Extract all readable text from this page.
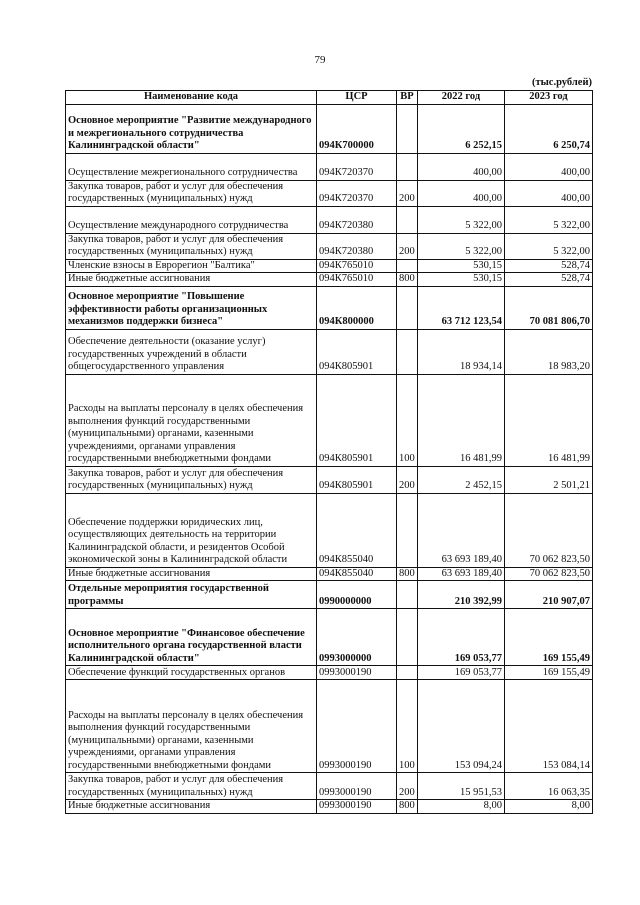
79
(тыс.рублей)
Наименование кода	ЦСР	ВР	2022 год	2023 год
Основное мероприятие "Развитие международного и межрегионального сотрудничества Калининградской области"	094К700000		6 252,15	6 250,74
Осуществление межрегионального сотрудничества	094К720370		400,00	400,00
Закупка товаров, работ и услуг для обеспечения государственных (муниципальных) нужд	094К720370	200	400,00	400,00
Осуществление международного сотрудничества	094К720380		5 322,00	5 322,00
Закупка товаров, работ и услуг для обеспечения государственных (муниципальных) нужд	094К720380	200	5 322,00	5 322,00
Членские взносы в Еврорегион "Балтика"	094К765010		530,15	528,74
Иные бюджетные ассигнования	094К765010	800	530,15	528,74
Основное мероприятие "Повышение эффективности работы организационных механизмов поддержки бизнеса"	094К800000		63 712 123,54	70 081 806,70
Обеспечение деятельности (оказание услуг) государственных учреждений в области общегосударственного управления	094К805901		18 934,14	18 983,20
Расходы на выплаты персоналу в целях обеспечения выполнения функций государственными (муниципальными) органами, казенными учреждениями, органами управления государственными внебюджетными фондами	094К805901	100	16 481,99	16 481,99
Закупка товаров, работ и услуг для обеспечения государственных (муниципальных) нужд	094К805901	200	2 452,15	2 501,21
Обеспечение поддержки юридических лиц, осуществляющих деятельность на территории Калининградской области, и резидентов Особой экономической зоны в Калининградской области	094К855040		63 693 189,40	70 062 823,50
Иные бюджетные ассигнования	094К855040	800	63 693 189,40	70 062 823,50
Отдельные мероприятия государственной программы	0990000000		210 392,99	210 907,07
Основное мероприятие "Финансовое обеспечение исполнительного органа государственной власти Калининградской области"	0993000000		169 053,77	169 155,49
Обеспечение функций государственных органов	0993000190		169 053,77	169 155,49
Расходы на выплаты персоналу в целях обеспечения выполнения функций государственными (муниципальными) органами, казенными учреждениями, органами управления государственными внебюджетными фондами	0993000190	100	153 094,24	153 084,14
Закупка товаров, работ и услуг для обеспечения государственных (муниципальных) нужд	0993000190	200	15 951,53	16 063,35
Иные бюджетные ассигнования	0993000190	800	8,00	8,00
